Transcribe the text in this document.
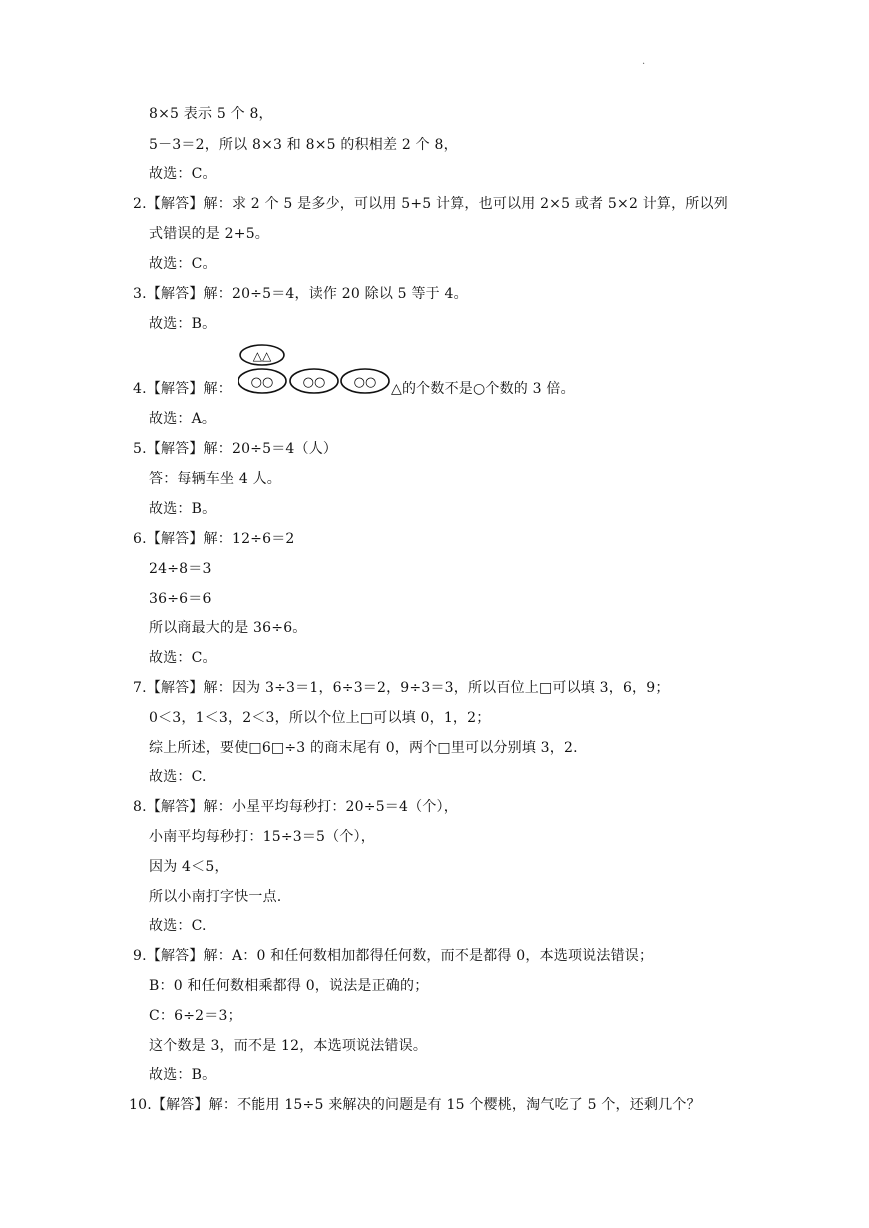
.
8×5 表示 5 个 8，
5－3＝2，所以 8×3 和 8×5 的积相差 2 个 8，
故选：C。
2.【解答】解：求 2 个 5 是多少，可以用 5+5 计算，也可以用 2×5 或者 5×2 计算，所以列
式错误的是 2+5。
故选：C。
3.【解答】解：20÷5＝4，读作 20 除以 5 等于 4。
故选：B。
4.【解答】解：
△△
○○ ○○ ○○ △的个数不是○个数的 3 倍。
故选：A。
5.【解答】解：20÷5＝4（人）
答：每辆车坐 4 人。
故选：B。
6.【解答】解：12÷6＝2
24÷8＝3
36÷6＝6
所以商最大的是 36÷6。
故选：C。
7.【解答】解：因为 3÷3＝1，6÷3＝2，9÷3＝3，所以百位上□可以填 3，6，9；
0＜3，1＜3，2＜3，所以个位上□可以填 0，1，2；
综上所述，要使□6□÷3 的商末尾有 0，两个□里可以分别填 3，2.
故选：C.
8.【解答】解：小星平均每秒打：20÷5＝4（个），
小南平均每秒打：15÷3＝5（个），
因为 4＜5，
所以小南打字快一点.
故选：C.
9.【解答】解：A：0 和任何数相加都得任何数，而不是都得 0，本选项说法错误；
B：0 和任何数相乘都得 0，说法是正确的；
C：6÷2＝3；
这个数是 3，而不是 12，本选项说法错误。
故选：B。
10.【解答】解：不能用 15÷5 来解决的问题是有 15 个樱桃，淘气吃了 5 个，还剩几个？
